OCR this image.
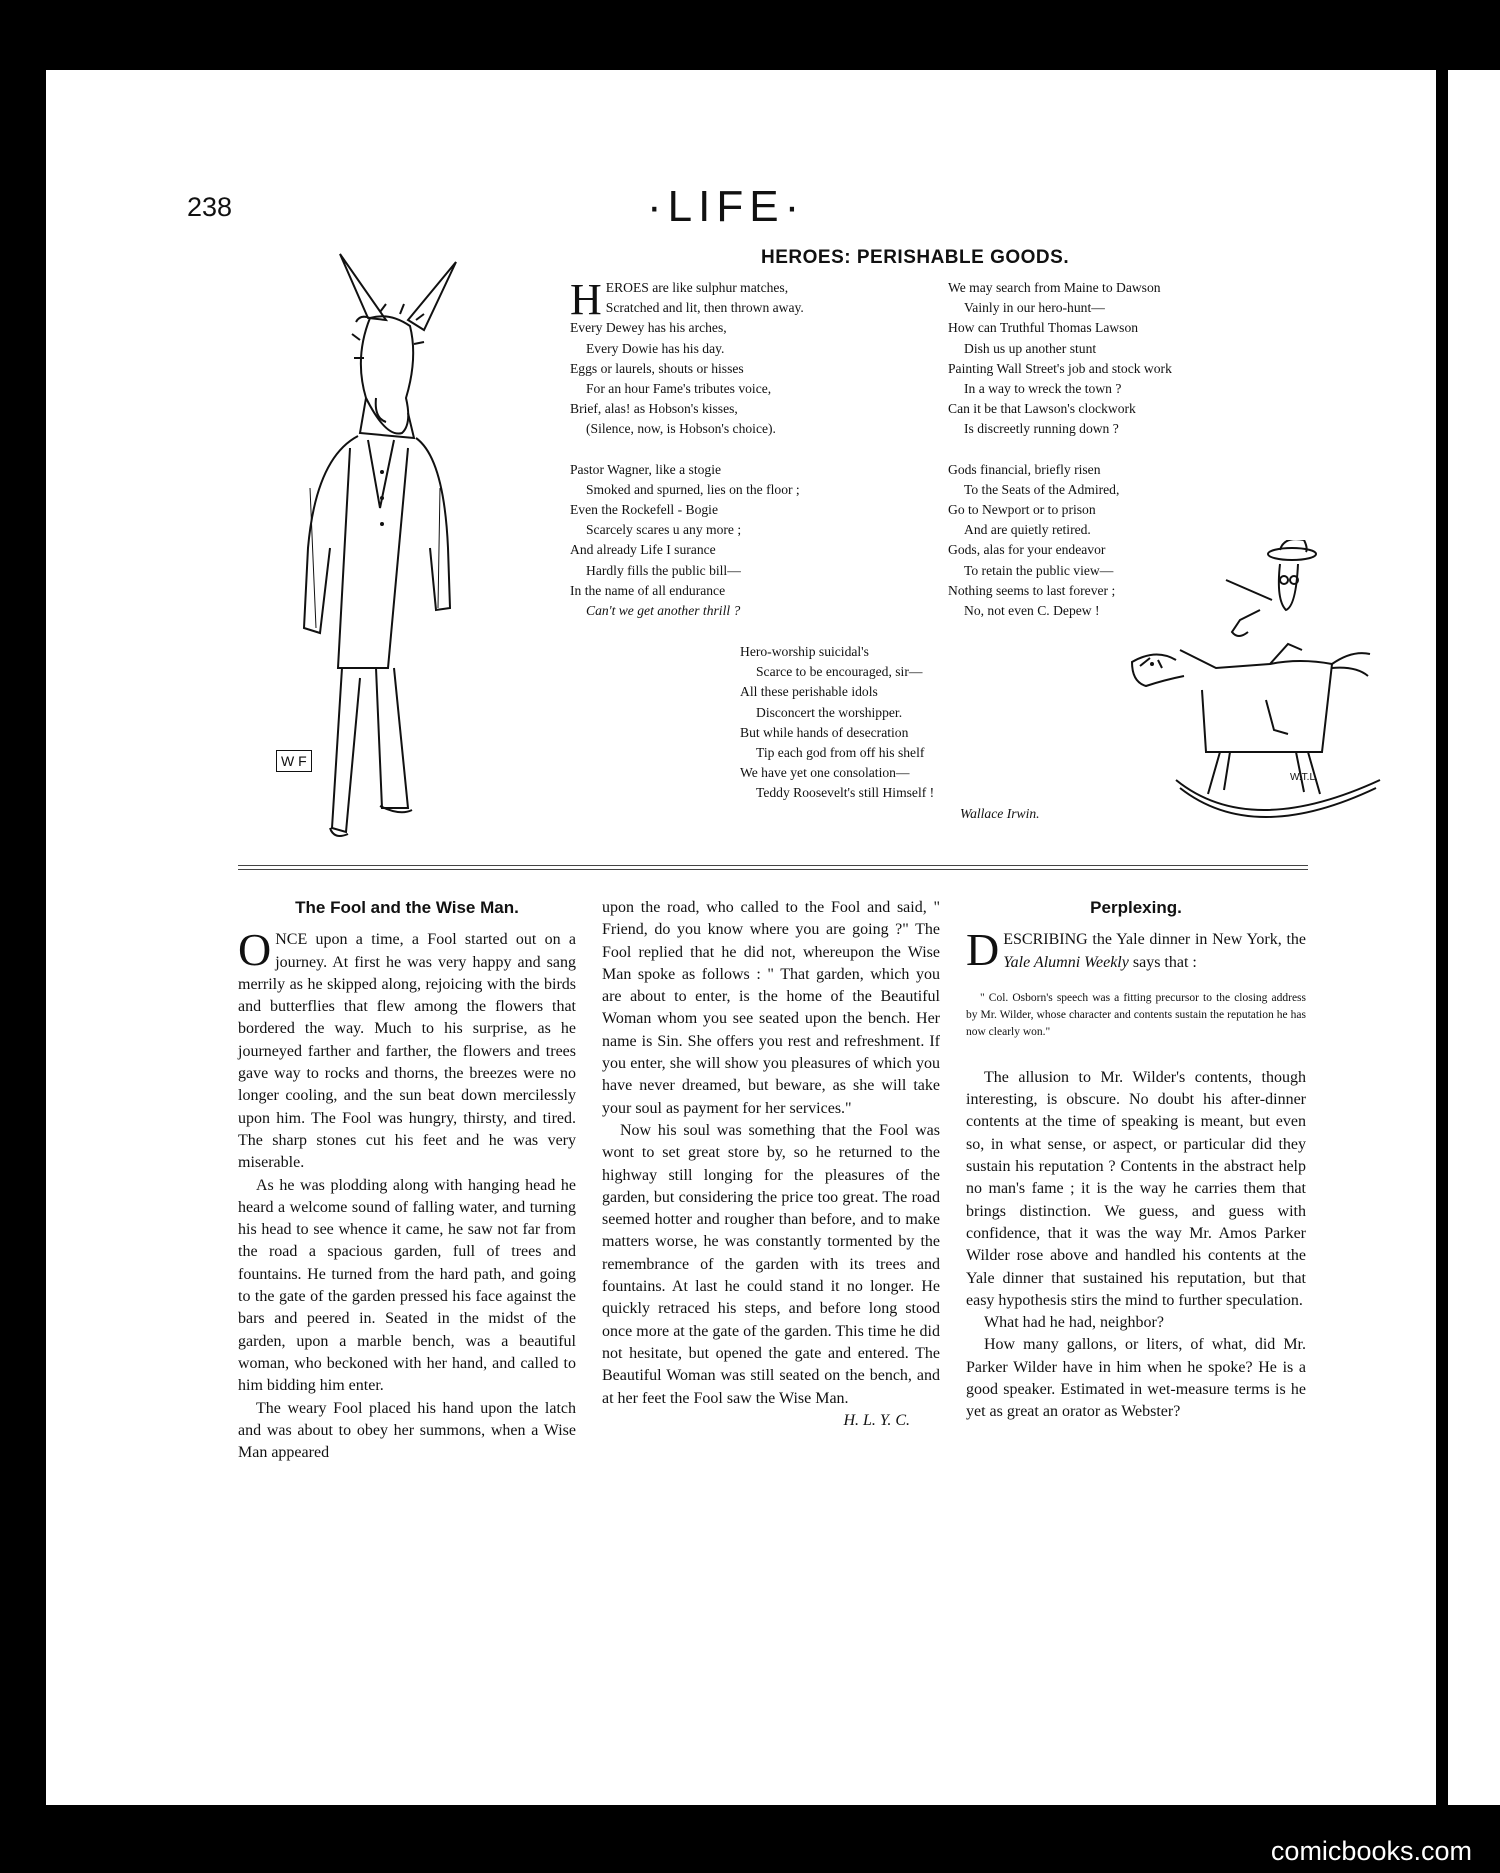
238	·LIFE·
W F
HEROES: PERISHABLE GOODS.
H EROES are like sulphur matches,
Scratched and lit, then thrown away.
Every Dewey has his arches,
Every Dowie has his day.
Eggs or laurels, shouts or hisses
For an hour Fame's tributes voice,
Brief, alas! as Hobson's kisses,
(Silence, now, is Hobson's choice).
Pastor Wagner, like a stogie
Smoked and spurned, lies on the floor ;
Even the Rockefell - Bogie
Scarcely scares u any more ;
And already Life I surance
Hardly fills the public bill—
In the name of all endurance
Can't we get another thrill ?
We may search from Maine to Dawson
Vainly in our hero-hunt—
How can Truthful Thomas Lawson
Dish us up another stunt
Painting Wall Street's job and stock work
In a way to wreck the town ?
Can it be that Lawson's clockwork
Is discreetly running down ?
Gods financial, briefly risen
To the Seats of the Admired,
Go to Newport or to prison
And are quietly retired.
Gods, alas for your endeavor
To retain the public view—
Nothing seems to last forever ;
No, not even C. Depew !
Hero-worship suicidal's
Scarce to be encouraged, sir—
All these perishable idols
Disconcert the worshipper.
But while hands of desecration
Tip each god from off his shelf
We have yet one consolation—
Teddy Roosevelt's still Himself !
Wallace Irwin.
W.T.L.
The Fool and the Wise Man.

ONCE upon a time, a Fool started out on a journey. At first he was very happy and sang merrily as he skipped along, rejoicing with the birds and butterflies that flew among the flowers that bordered the way. Much to his surprise, as he journeyed farther and farther, the flowers and trees gave way to rocks and thorns, the breezes were no longer cooling, and the sun beat down mercilessly upon him. The Fool was hungry, thirsty, and tired. The sharp stones cut his feet and he was very miserable.

As he was plodding along with hanging head he heard a welcome sound of falling water, and turning his head to see whence it came, he saw not far from the road a spacious garden, full of trees and fountains. He turned from the hard path, and going to the gate of the garden pressed his face against the bars and peered in. Seated in the midst of the garden, upon a marble bench, was a beautiful woman, who beckoned with her hand, and called to him bidding him enter.

The weary Fool placed his hand upon the latch and was about to obey her summons, when a Wise Man appeared

upon the road, who called to the Fool and said, " Friend, do you know where you are going ?" The Fool replied that he did not, whereupon the Wise Man spoke as follows : " That garden, which you are about to enter, is the home of the Beautiful Woman whom you see seated upon the bench. Her name is Sin. She offers you rest and refreshment. If you enter, she will show you pleasures of which you have never dreamed, but beware, as she will take your soul as payment for her services."

Now his soul was something that the Fool was wont to set great store by, so he returned to the highway still longing for the pleasures of the garden, but considering the price too great. The road seemed hotter and rougher than before, and to make matters worse, he was constantly tormented by the remembrance of the garden with its trees and fountains. At last he could stand it no longer. He quickly retraced his steps, and before long stood once more at the gate of the garden. This time he did not hesitate, but opened the gate and entered. The Beautiful Woman was still seated on the bench, and at her feet the Fool saw the Wise Man.

H. L. Y. C.
Perplexing.

DESCRIBING the Yale dinner in New York, the Yale Alumni Weekly says that :

" Col. Osborn's speech was a fitting precursor to the closing address by Mr. Wilder, whose character and contents sustain the reputation he has now clearly won."

The allusion to Mr. Wilder's contents, though interesting, is obscure. No doubt his after-dinner contents at the time of speaking is meant, but even so, in what sense, or aspect, or particular did they sustain his reputation ? Contents in the abstract help no man's fame ; it is the way he carries them that brings distinction. We guess, and guess with confidence, that it was the way Mr. Amos Parker Wilder rose above and handled his contents at the Yale dinner that sustained his reputation, but that easy hypothesis stirs the mind to further speculation.

What had he had, neighbor?

How many gallons, or liters, of what, did Mr. Parker Wilder have in him when he spoke? He is a good speaker. Estimated in wet-measure terms is he yet as great an orator as Webster?

comicbooks.com
